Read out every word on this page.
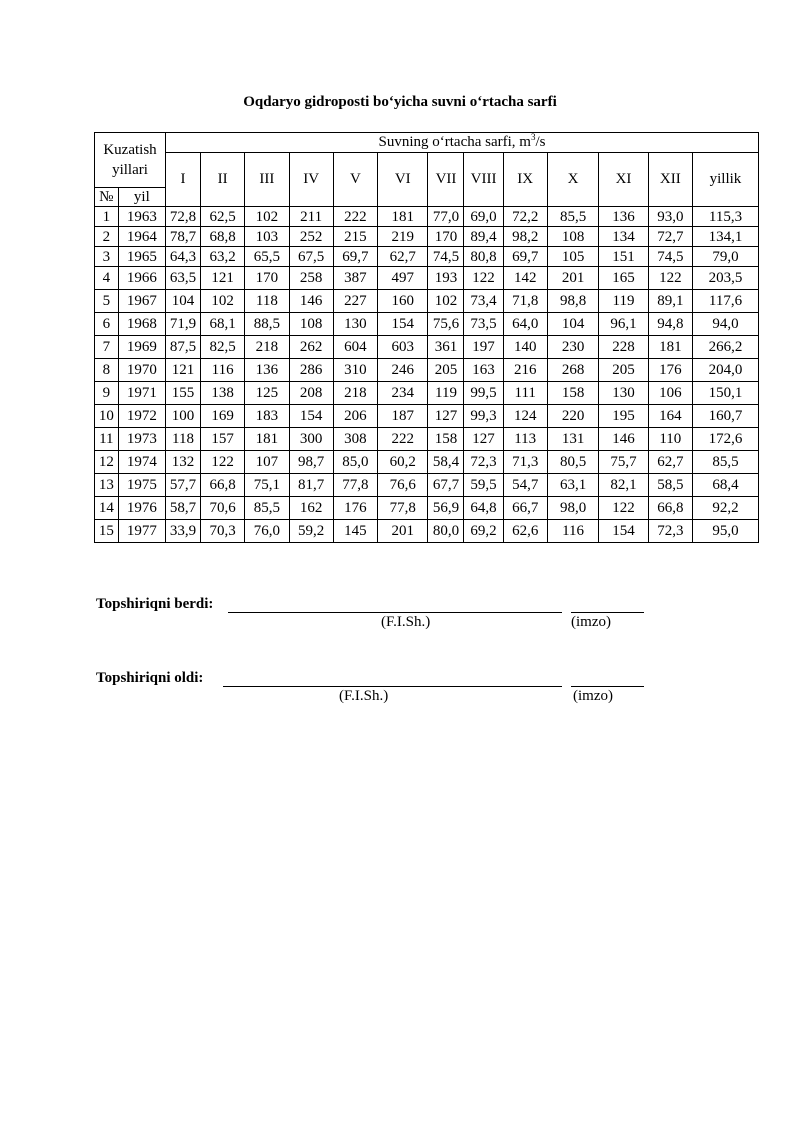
Oqdaryo gidroposti bo‘yicha suvni o‘rtacha sarfi
Kuzatish
yillari		Suvning o‘rtacha sarfi, $m^3/s$												
		I	II	III	IV	V	VI	VII	VIII	IX	X	XI	XII	yillik
№	yil													
1	1963	72,8	62,5	102	211	222	181	77,0	69,0	72,2	85,5	136	93,0	115,3
2	1964	78,7	68,8	103	252	215	219	170	89,4	98,2	108	134	72,7	134,1
3	1965	64,3	63,2	65,5	67,5	69,7	62,7	74,5	80,8	69,7	105	151	74,5	79,0
4	1966	63,5	121	170	258	387	497	193	122	142	201	165	122	203,5
5	1967	104	102	118	146	227	160	102	73,4	71,8	98,8	119	89,1	117,6
6	1968	71,9	68,1	88,5	108	130	154	75,6	73,5	64,0	104	96,1	94,8	94,0
7	1969	87,5	82,5	218	262	604	603	361	197	140	230	228	181	266,2
8	1970	121	116	136	286	310	246	205	163	216	268	205	176	204,0
9	1971	155	138	125	208	218	234	119	99,5	111	158	130	106	150,1
10	1972	100	169	183	154	206	187	127	99,3	124	220	195	164	160,7
11	1973	118	157	181	300	308	222	158	127	113	131	146	110	172,6
12	1974	132	122	107	98,7	85,0	60,2	58,4	72,3	71,3	80,5	75,7	62,7	85,5
13	1975	57,7	66,8	75,1	81,7	77,8	76,6	67,7	59,5	54,7	63,1	82,1	58,5	68,4
14	1976	58,7	70,6	85,5	162	176	77,8	56,9	64,8	66,7	98,0	122	66,8	92,2
15	1977	33,9	70,3	76,0	59,2	145	201	80,0	69,2	62,6	116	154	72,3	95,0
Topshiriqni berdi:
(F.I.Sh.)	(imzo)
Topshiriqni oldi:
(F.I.Sh.)	(imzo)
